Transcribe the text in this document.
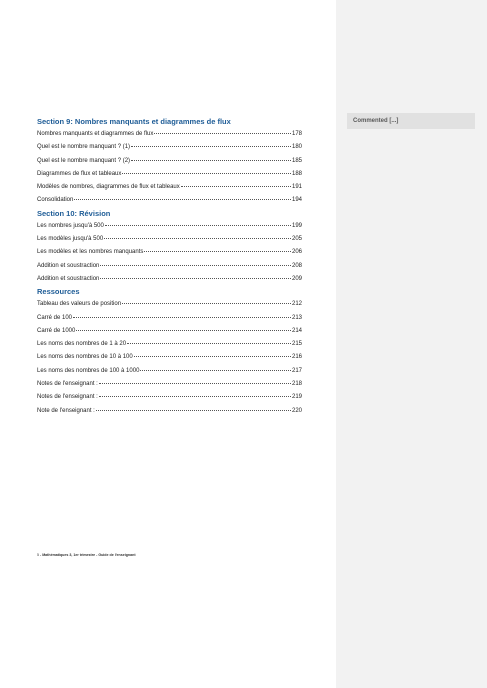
Commented [...]
Section 9: Nombres manquants et diagrammes de flux
Nombres manquants et diagrammes de flux	178
Quel est le nombre manquant ? (1)	180
Quel est le nombre manquant ? (2)	185
Diagrammes de flux et tableaux	188
Modèles de nombres, diagrammes de flux et tableaux	191
Consolidation	194
Section 10: Révision
Les nombres jusqu'à 500	199
Les modèles jusqu'à 500	205
Les modèles et les nombres manquants	206
Addition et soustraction	208
Addition et soustraction	209
Ressources
Tableau des valeurs de position	212
Carré de 100	213
Carré de 1000	214
Les noms des nombres de 1 à 20	215
Les noms des nombres de 10 à 100	216
Les noms des nombres de 100 à 1000	217
Notes de l'enseignant :	218
Notes de l'enseignant :	219
Note de l'enseignant :	220
5 - Mathématiques 3, 1er trimestre - Guide de l'enseignant
